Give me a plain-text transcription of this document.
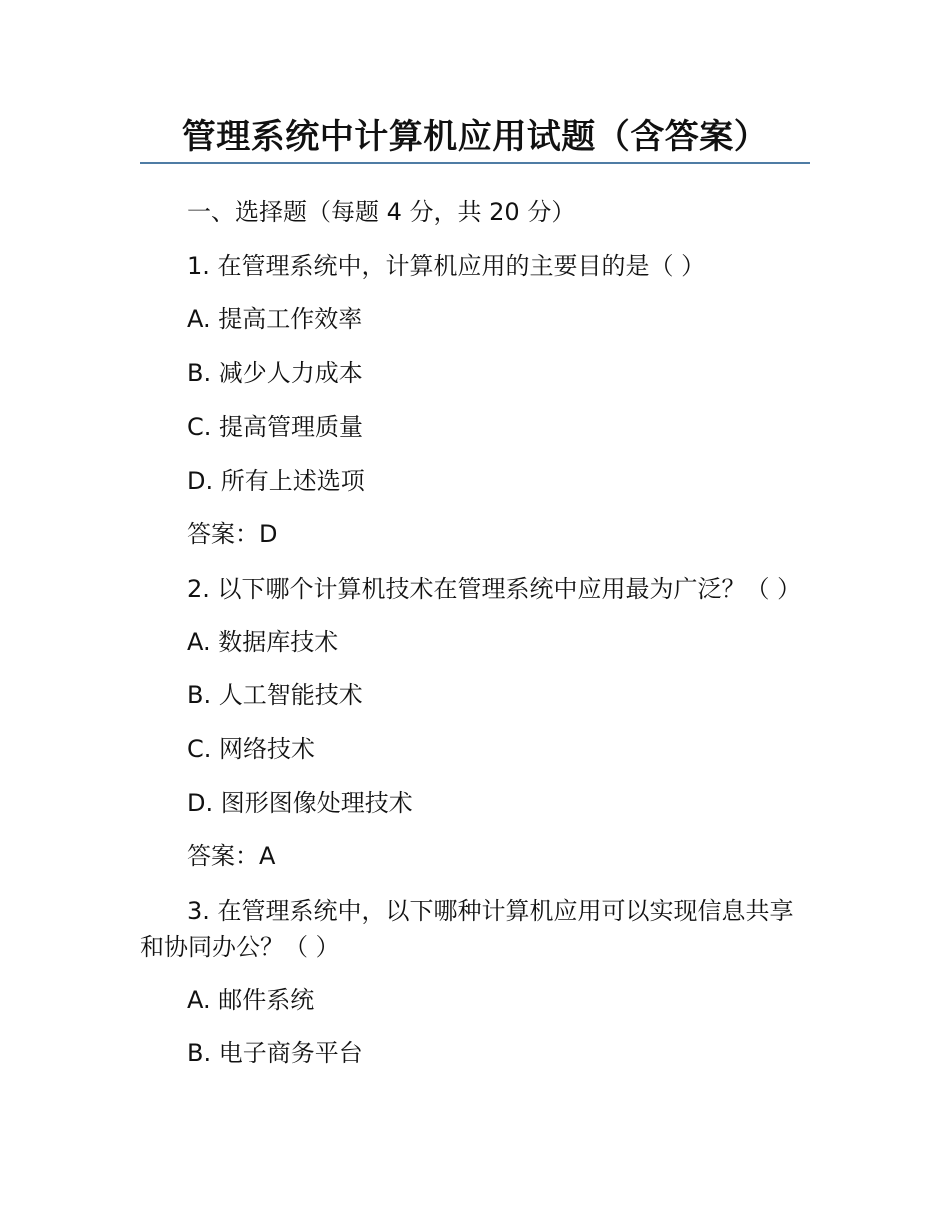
管理系统中计算机应用试题（含答案）

一、选择题（每题 4 分，共 20 分）

1. 在管理系统中，计算机应用的主要目的是（ ）

A. 提高工作效率

B. 减少人力成本

C. 提高管理质量

D. 所有上述选项

答案：D

2. 以下哪个计算机技术在管理系统中应用最为广泛？（ ）

A. 数据库技术

B. 人工智能技术

C. 网络技术

D. 图形图像处理技术

答案：A

3. 在管理系统中，以下哪种计算机应用可以实现信息共享和协同办公？（ ）

A. 邮件系统

B. 电子商务平台
